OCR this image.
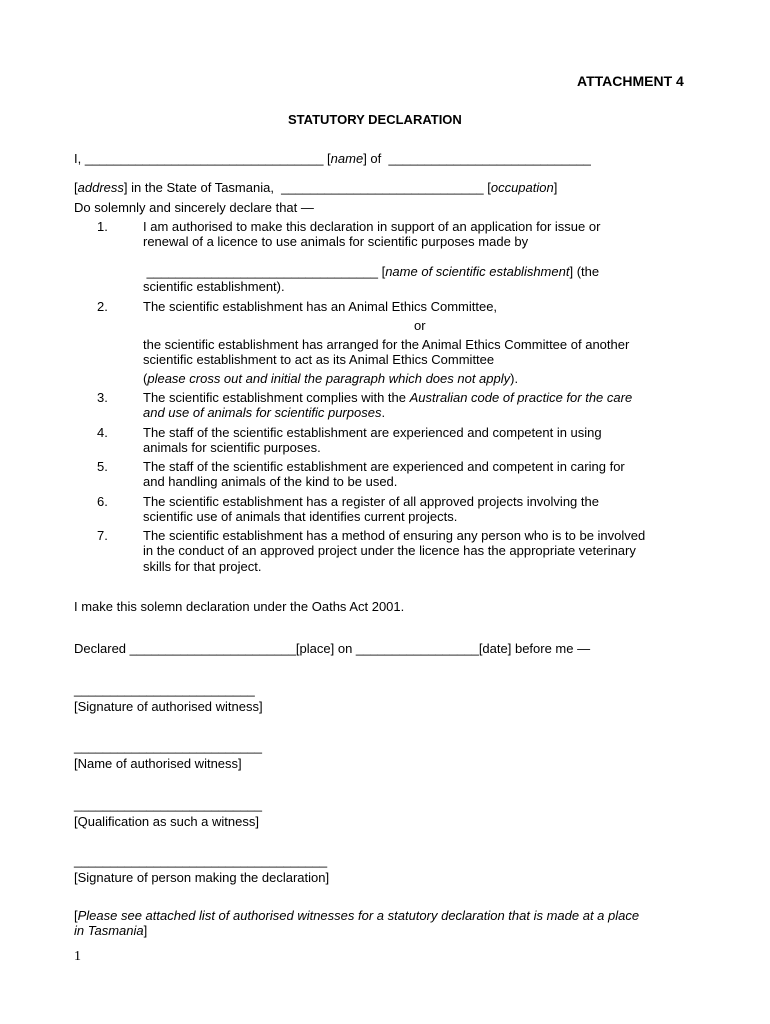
ATTACHMENT 4
STATUTORY DECLARATION
I, _________________________________ [name] of  ____________________________
[address] in the State of Tasmania,  ____________________________ [occupation]
Do solemnly and sincerely declare that —
1.	I am authorised to make this declaration in support of an application for issue or
renewal of a licence to use animals for scientific purposes made by
________________________________ [name of scientific establishment] (the
scientific establishment).
2.	The scientific establishment has an Animal Ethics Committee,
or
the scientific establishment has arranged for the Animal Ethics Committee of another
scientific establishment to act as its Animal Ethics Committee
(please cross out and initial the paragraph which does not apply).
3.	The scientific establishment complies with the Australian code of practice for the care
and use of animals for scientific purposes.
4.	The staff of the scientific establishment are experienced and competent in using
animals for scientific purposes.
5.	The staff of the scientific establishment are experienced and competent in caring for
and handling animals of the kind to be used.
6.	The scientific establishment has a register of all approved projects involving the
scientific use of animals that identifies current projects.
7.	The scientific establishment has a method of ensuring any person who is to be involved
in the conduct of an approved project under the licence has the appropriate veterinary
skills for that project.
I make this solemn declaration under the Oaths Act 2001.
Declared _______________________[place] on _________________[date] before me —
_________________________
[Signature of authorised witness]
__________________________
[Name of authorised witness]
__________________________
[Qualification as such a witness]
___________________________________
[Signature of person making the declaration]
[Please see attached list of authorised witnesses for a statutory declaration that is made at a place
in Tasmania]
1
